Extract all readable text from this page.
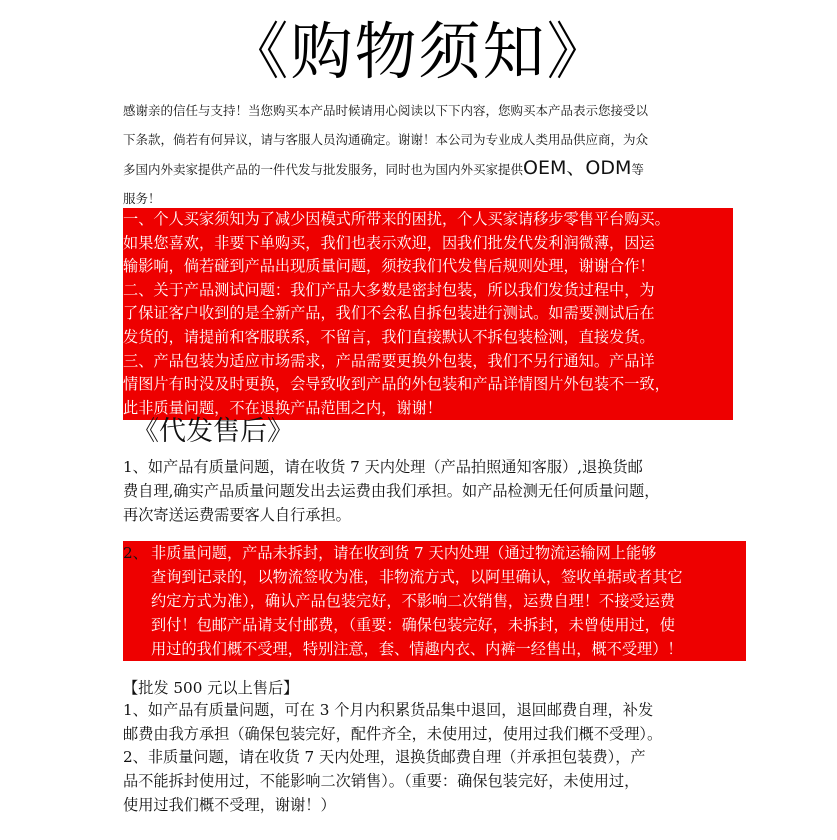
《购物须知》
感谢亲的信任与支持！当您购买本产品时候请用心阅读以下下内容，您购买本产品表示您接受以
下条款，倘若有何异议，请与客服人员沟通确定。谢谢！本公司为专业成人类用品供应商，为众
多国内外卖家提供产品的一件代发与批发服务，同时也为国内外买家提供OEM、ODM等
服务！
一、个人买家须知为了减少因模式所带来的困扰，个人买家请移步零售平台购买。
如果您喜欢，非要下单购买，我们也表示欢迎，因我们批发代发利润微薄，因运
输影响，倘若碰到产品出现质量问题，须按我们代发售后规则处理，谢谢合作！
二、关于产品测试问题：我们产品大多数是密封包装，所以我们发货过程中，为
了保证客户收到的是全新产品，我们不会私自拆包装进行测试。如需要测试后在
发货的，请提前和客服联系，不留言，我们直接默认不拆包装检测，直接发货。
三、产品包装为适应市场需求，产品需要更换外包装，我们不另行通知。产品详
情图片有时没及时更换，会导致收到产品的外包装和产品详情图片外包装不一致，
此非质量问题，不在退换产品范围之内，谢谢！
《代发售后》
1、如产品有质量问题，请在收货 7 天内处理（产品拍照通知客服）,退换货邮
费自理,确实产品质量问题发出去运费由我们承担。如产品检测无任何质量问题，
再次寄送运费需要客人自行承担。
2、 非质量问题，产品未拆封，请在收到货 7 天内处理（通过物流运输网上能够
查询到记录的，以物流签收为准，非物流方式，以阿里确认，签收单据或者其它
约定方式为准），确认产品包装完好，不影响二次销售，运费自理！不接受运费
到付！包邮产品请支付邮费，（重要：确保包装完好，未拆封，未曾使用过，使
用过的我们概不受理，特别注意，套、情趣内衣、内裤一经售出，概不受理）！
【批发 500 元以上售后】
1、如产品有质量问题，可在 3 个月内积累货品集中退回，退回邮费自理，补发
邮费由我方承担（确保包装完好，配件齐全，未使用过，使用过我们概不受理）。
2、非质量问题，请在收货 7 天内处理，退换货邮费自理（并承担包装费），产
品不能拆封使用过，不能影响二次销售）。（重要：确保包装完好，未使用过，
使用过我们概不受理，谢谢！）
